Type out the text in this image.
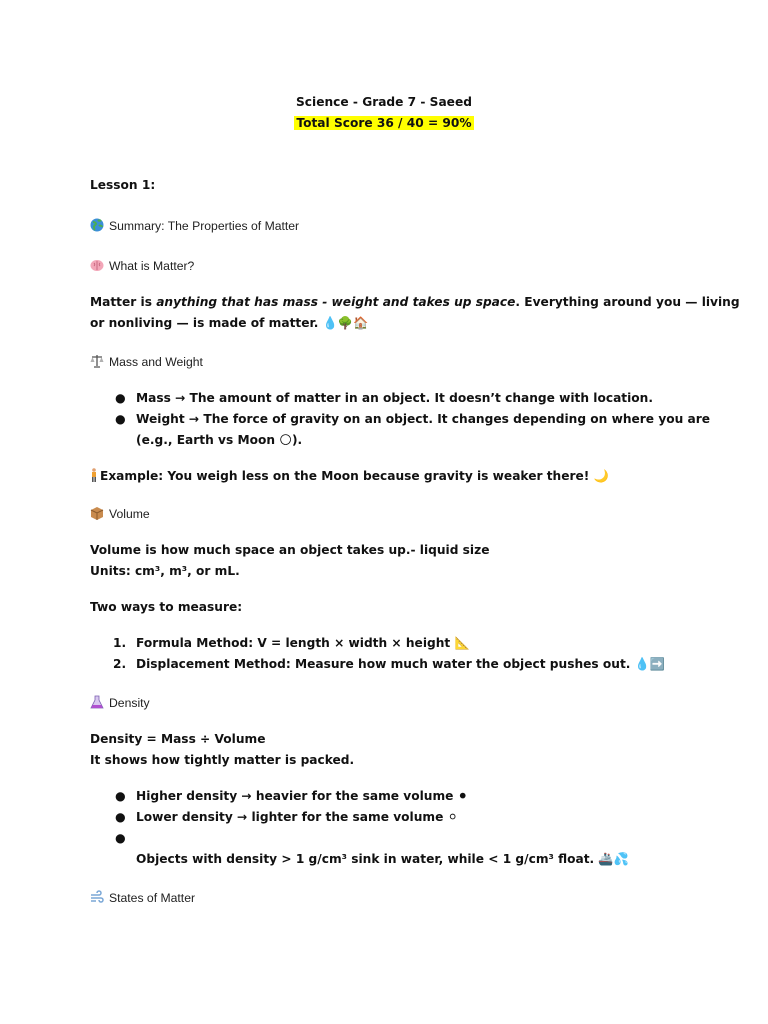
Science - Grade 7 - Saeed
Total Score 36 / 40 = 90%
Lesson 1:
Summary: The Properties of Matter
What is Matter?
Matter is anything that has mass - weight and takes up space. Everything around you — living
or nonliving — is made of matter. 💧🌳🏠
Mass and Weight
● Mass → The amount of matter in an object. It doesn’t change with location.
● Weight → The force of gravity on an object. It changes depending on where you are
(e.g., Earth vs Moon 🌕).
Example: You weigh less on the Moon because gravity is weaker there! 🌙
Volume
Volume is how much space an object takes up.- liquid size
Units: cm³, m³, or mL.
Two ways to measure:
1. Formula Method: V = length × width × height 📐
2. Displacement Method: Measure how much water the object pushes out. 💧➡️
Density
Density = Mass ÷ Volume
It shows how tightly matter is packed.
● Higher density → heavier for the same volume ⚫
● Lower density → lighter for the same volume ⚪
●
Objects with density > 1 g/cm³ sink in water, while < 1 g/cm³ float. 🚢💦
States of Matter
